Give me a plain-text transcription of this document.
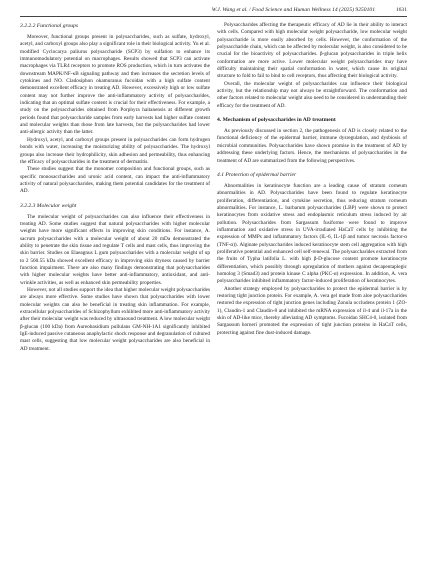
W.J. Wang et al. / Food Science and Human Wellness 14 (2025) 9250101	1631

3.2.2.2 Functional groups

Moreover, functional groups present in polysaccharides, such as sulfate, hydroxyl, acetyl, and carboxyl groups also play a significant role in their biological activity. Yu et al. modified Cyclocarya paliurus polysaccharide (SCP3) by sulfation to enhance its immunomodulatory potential on macrophages. Results showed that SCP3 can activate macrophages via TLR4 receptors to promote ROS production, which in turn activates the downstream MAPK/NF-κB signaling pathway and then increases the secretion levels of cytokines and NO. Cladosiphon okamuranus fucoidan with a high sulfate content demonstrated excellent efficacy in treating AD. However, excessively high or low sulfate content may not further improve the anti-inflammatory activity of polysaccharides, indicating that an optimal sulfate content is crucial for their effectiveness. For example, a study on the polysaccharides obtained from Porphyra haitanensis at different growth periods found that polysaccharide samples from early harvests had higher sulfate content and molecular weights than those from late harvests, but the polysaccharides had lower anti-allergic activity than the latter.

Hydroxyl, acetyl, and carboxyl groups present in polysaccharides can form hydrogen bonds with water, increasing the moisturizing ability of polysaccharides. The hydroxyl groups also increase their hydrophilicity, skin adhesion and permeability, thus enhancing the efficacy of polysaccharides in the treatment of dermatitis.

These studies suggest that the monomer composition and functional groups, such as specific monosaccharides and uronic acid content, can impact the anti-inflammatory activity of natural polysaccharides, making them potential candidates for the treatment of AD.

3.2.2.3 Molecular weight

The molecular weight of polysaccharides can also influence their effectiveness in treating AD. Some studies suggest that natural polysaccharides with higher molecular weights have more significant effects in improving skin conditions. For instance, A. sacrum polysaccharides with a molecular weight of about 20 mDa demonstrated the ability to penetrate the skin tissue and regulate T cells and mast cells, thus improving the skin barrier. Studies on Elaeagnus L gum polysaccharides with a molecular weight of up to 2 560.55 kDa showed excellent efficacy in improving skin dryness caused by barrier function impairment. There are also many findings demonstrating that polysaccharides with higher molecular weights have better anti-inflammatory, antioxidant, and anti-wrinkle activities, as well as enhanced skin permeability properties.

However, not all studies support the idea that higher molecular weight polysaccharides are always more effective. Some studies have shown that polysaccharides with lower molecular weights can also be beneficial in treating skin inflammation. For example, extracellular polysaccharides of Schizophyllum exhibited more anti-inflammatory activity after their molecular weight was reduced by ultrasound treatment. A low molecular weight β-glucan (100 kDa) from Aureobasidium pullulans GM-NH-1A1 significantly inhibited IgE-induced passive cutaneous anaphylactic shock response and degranulation of cultured mast cells, suggesting that low molecular weight polysaccharides are also beneficial in AD treatment.

Polysaccharides affecting the therapeutic efficacy of AD lie in their ability to interact with cells. Compared with high molecular weight polysaccharide, low molecular weight polysaccharide is more easily absorbed by cells. However, the conformation of the polysaccharide chain, which can be affected by molecular weight, is also considered to be crucial for the bioactivity of polysaccharides. β-glucan polysaccharides in triple helix conformation are more active. Lower molecular weight polysaccharides may have difficulty maintaining their spatial conformation in water, which cause its original structure to fold to fail to bind to cell receptors, thus affecting their biological activity.

Overall, the molecular weight of polysaccharides can influence their biological activity, but the relationship may not always be straightforward. The conformation and other factors related to molecular weight also need to be considered in understanding their efficacy for the treatment of AD.

4. Mechanism of polysaccharides in AD treatment

As previously discussed in section 2, the pathogenesis of AD is closely related to the functional deficiency of the epidermal barrier, immune dysregulation, and dysbiosis of microbial communities. Polysaccharides have shown promise in the treatment of AD by addressing these underlying factors. Hence, the mechanisms of polysaccharides in the treatment of AD are summarized from the following perspectives.

4.1 Protection of epidermal barrier

Abnormalities in keratinocyte function are a leading cause of stratum corneum abnormalities in AD. Polysaccharides have been found to regulate keratinocyte proliferation, differentiation, and cytokine secretion, thus reducing stratum corneum abnormalities. For instance, L. barbarum polysaccharides (LBP) were shown to protect keratinocytes from oxidative stress and endoplasmic reticulum stress induced by air pollution. Polysaccharides from Sargassum fusiforme were found to improve inflammation and oxidative stress in UVA-irradiated HaCaT cells by inhibiting the expression of MMPs and inflammatory factors (IL-6, IL-1β and tumor necrosis factor-α (TNF-α)). Alginate polysaccharides induced keratinocyte stem cell aggregation with high proliferative potential and enhanced cell self-renewal. The polysaccharides extracted from the fruits of Typha latifolia L. with high β-D-glucose content promote keratinocyte differentiation, which possibly through upregulation of mothers against decapentaplegic homolog 3 (Smad3) and protein kinase C alpha (PKC-α) expression. In addition, A. vera polysaccharides inhibited inflammatory factor-induced proliferation of keratinocytes.

Another strategy employed by polysaccharides to protect the epidermal barrier is by restoring tight junction protein. For example, A. vera gel made from aloe polysaccharides restored the expression of tight junction genes including Zonula occludens protein 1 (ZO-1), Claudin-1 and Claudin-8 and inhibited the mRNA expression of il-4 and il-17a in the skin of AD-like mice, thereby alleviating AD symptoms. Fucoidan SHC4-0, isolated from Sargassum horneri promoted the expression of tight junction proteins in HaCaT cells, protecting against fine dust-induced damage.
